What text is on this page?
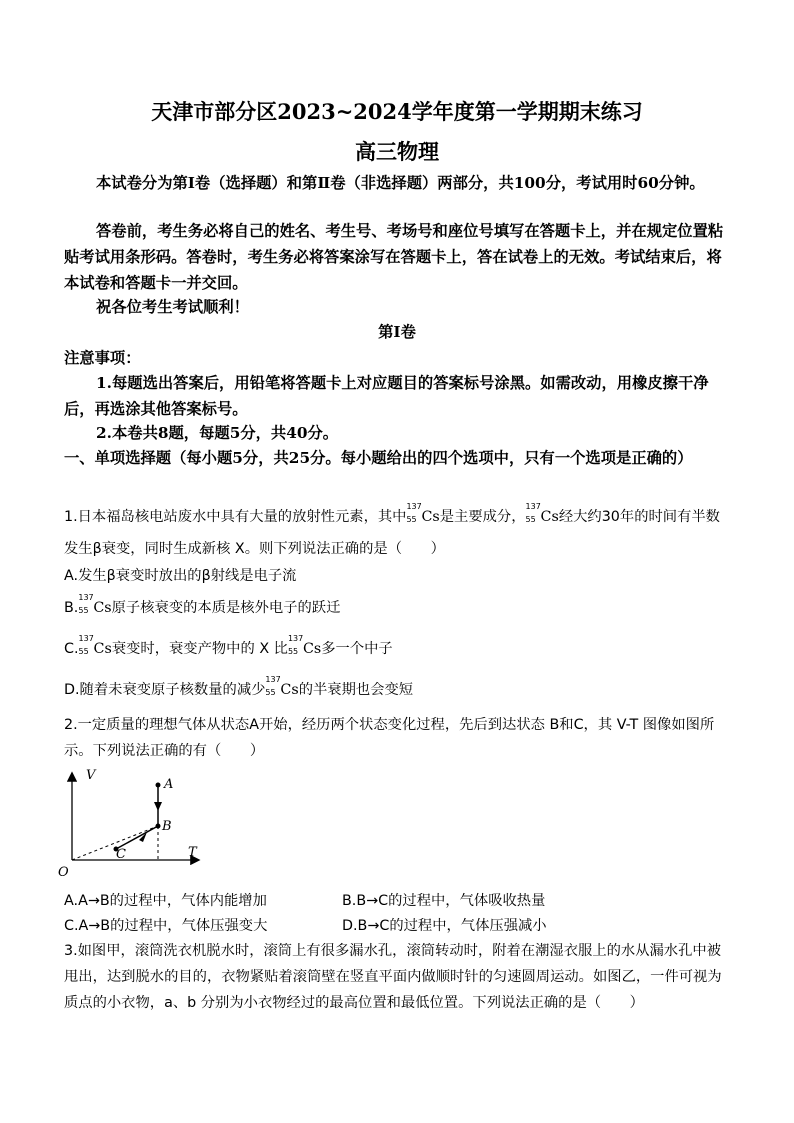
天津市部分区2023~2024学年度第一学期期末练习
高三物理
本试卷分为第Ⅰ卷（选择题）和第Ⅱ卷（非选择题）两部分，共100分，考试用时60分钟。
答卷前，考生务必将自己的姓名、考生号、考场号和座位号填写在答题卡上，并在规定位置粘贴考试用条形码。答卷时，考生务必将答案涂写在答题卡上，答在试卷上的无效。考试结束后，将本试卷和答题卡一并交回。
祝各位考生考试顺利！
第Ⅰ卷
注意事项：
1.每题选出答案后，用铅笔将答题卡上对应题目的答案标号涂黑。如需改动，用橡皮擦干净后，再选涂其他答案标号。
2.本卷共8题，每题5分，共40分。
一、单项选择题（每小题5分，共25分。每小题给出的四个选项中，只有一个选项是正确的）
1.日本福岛核电站废水中具有大量的放射性元素，其中
137
55 Cs是主要成分，
137
55 Cs经大约30年的时间有半数
发生β衰变，同时生成新核 X。则下列说法正确的是（　　）
A.发生β衰变时放出的β射线是电子流
B.
137
55 Cs原子核衰变的本质是核外电子的跃迁
C.
137
55 Cs衰变时，衰变产物中的 X 比
137
55 Cs多一个中子
D.随着未衰变原子核数量的减少
137
55 Cs的半衰期也会变短
2.一定质量的理想气体从状态A开始，经历两个状态变化过程，先后到达状态 B和C，其 V-T 图像如图所示。下列说法正确的有（　　）
V
T
O
A
B
C
A.A→B的过程中，气体内能增加	B.B→C的过程中，气体吸收热量
C.A→B的过程中，气体压强变大	D.B→C的过程中，气体压强减小
3.如图甲，滚筒洗衣机脱水时，滚筒上有很多漏水孔，滚筒转动时，附着在潮湿衣服上的水从漏水孔中被甩出，达到脱水的目的，衣物紧贴着滚筒壁在竖直平面内做顺时针的匀速圆周运动。如图乙，一件可视为质点的小衣物，a、b 分别为小衣物经过的最高位置和最低位置。下列说法正确的是（　　）
